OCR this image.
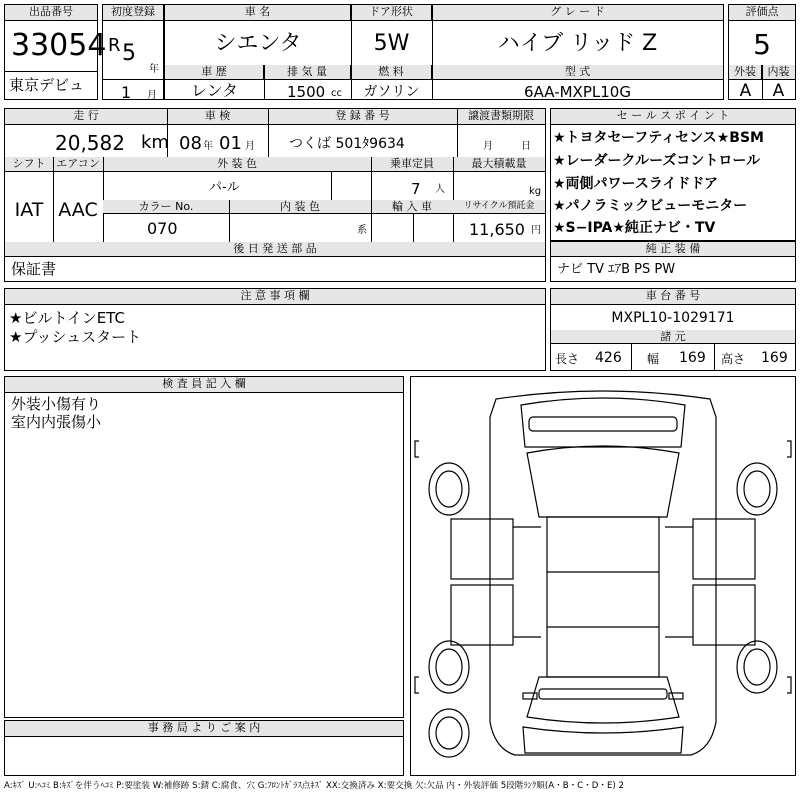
出品番号
33054
東京デビュ
初度登録
R 5
年
1 月
車 名	ドア形状	グ レ ー ド
シエンタ	5W	ハイブ リッド Z
車 歴	排 気 量	燃 料	型 式
レンタ	1500 cc	ガソリン	6AA-MXPL10G
評価点
5
外装	内装
A	A
走 行	車 検	登 録 番 号	譲渡書類期限
20,582 km 08 年 01 月 つくば 501ﾀ9634	月	日
シフト エアコン	外 装 色	乗車定員	最大積載量
IAT AAC
パ-ル	7 人	kg
カラー No.	内 装 色	輸 入 車	リサイクル預託金
070	系	11,650 円
後 日 発 送 部 品
保証書
セ ー ル ス ポ イ ン ト
★トヨタセーフティセンス★BSM
★レーダークルーズコントロール
★両側パワースライドドア
★パノラミックビューモニター
★S−IPA★純正ナビ・TV
純 正 装 備
ナビ TV ｴｱB PS PW
注 意 事 項 欄
★ビルトインETC
★プッシュスタート
車 台 番 号
MXPL10-1029171
諸 元
長さ 426 幅 169 高さ 169
検 査 員 記 入 欄
外装小傷有り
室内内張傷小
事 務 局 よ り ご 案 内
A:ｷｽﾞ U:ﾍｺﾐ B:ｷｽﾞを伴うﾍｺﾐ P:要塗装 W:補修跡 S:錆 C:腐食、穴 G:ﾌﾛﾝﾄｶﾞﾗｽ点ｷｽﾞ XX:交換済み X:要交換 欠:欠品 内・外装評価 5段階ﾗﾝｸ順(A・B・C・D・E) 2
